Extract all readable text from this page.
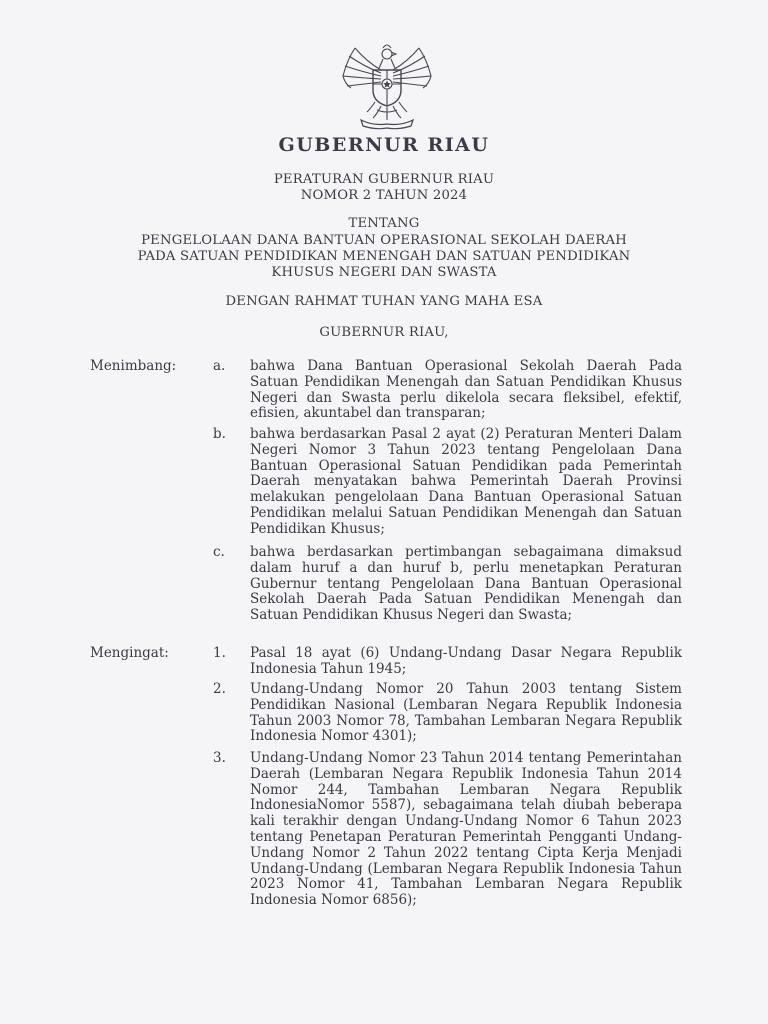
GUBERNUR RIAU
PERATURAN GUBERNUR RIAU
NOMOR 2 TAHUN 2024
TENTANG
PENGELOLAAN DANA BANTUAN OPERASIONAL SEKOLAH DAERAH
PADA SATUAN PENDIDIKAN MENENGAH DAN SATUAN PENDIDIKAN
KHUSUS NEGERI DAN SWASTA
DENGAN RAHMAT TUHAN YANG MAHA ESA
GUBERNUR RIAU,
Menimbang:	a. bahwa Dana Bantuan Operasional Sekolah Daerah Pada Satuan Pendidikan Menengah dan Satuan Pendidikan Khusus Negeri dan Swasta perlu dikelola secara fleksibel, efektif, efisien, akuntabel dan transparan;
b. bahwa berdasarkan Pasal 2 ayat (2) Peraturan Menteri Dalam Negeri Nomor 3 Tahun 2023 tentang Pengelolaan Dana Bantuan Operasional Satuan Pendidikan pada Pemerintah Daerah menyatakan bahwa Pemerintah Daerah Provinsi melakukan pengelolaan Dana Bantuan Operasional Satuan Pendidikan melalui Satuan Pendidikan Menengah dan Satuan Pendidikan Khusus;
c. bahwa berdasarkan pertimbangan sebagaimana dimaksud dalam huruf a dan huruf b, perlu menetapkan Peraturan Gubernur tentang Pengelolaan Dana Bantuan Operasional Sekolah Daerah Pada Satuan Pendidikan Menengah dan Satuan Pendidikan Khusus Negeri dan Swasta;
Mengingat:	1. Pasal 18 ayat (6) Undang-Undang Dasar Negara Republik Indonesia Tahun 1945;
2. Undang-Undang Nomor 20 Tahun 2003 tentang Sistem Pendidikan Nasional (Lembaran Negara Republik Indonesia Tahun 2003 Nomor 78, Tambahan Lembaran Negara Republik Indonesia Nomor 4301);
3. Undang-Undang Nomor 23 Tahun 2014 tentang Pemerintahan Daerah (Lembaran Negara Republik Indonesia Tahun 2014 Nomor 244, Tambahan Lembaran Negara Republik IndonesiaNomor 5587), sebagaimana telah diubah beberapa kali terakhir dengan Undang-Undang Nomor 6 Tahun 2023 tentang Penetapan Peraturan Pemerintah Pengganti Undang-Undang Nomor 2 Tahun 2022 tentang Cipta Kerja Menjadi Undang-Undang (Lembaran Negara Republik Indonesia Tahun 2023 Nomor 41, Tambahan Lembaran Negara Republik Indonesia Nomor 6856);
